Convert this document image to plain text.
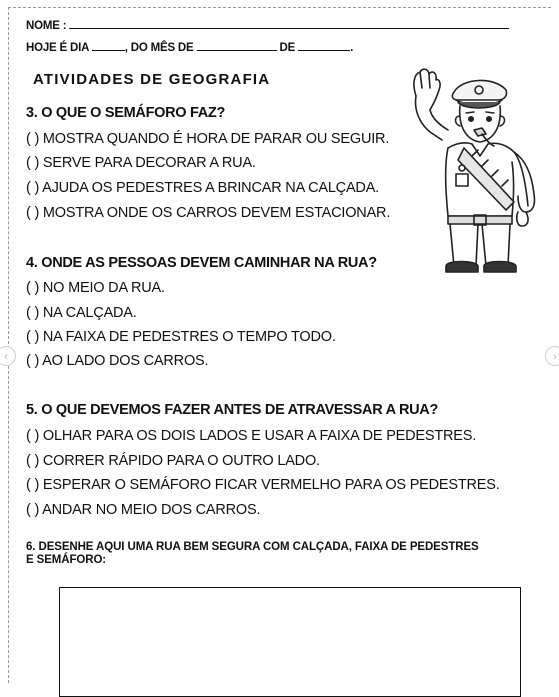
NOME :
HOJE É DIA	, DO MÊS DE	DE	.
ATIVIDADES DE GEOGRAFIA
3. O QUE O SEMÁFORO FAZ?
( ) MOSTRA QUANDO É HORA DE PARAR OU SEGUIR.
( ) SERVE PARA DECORAR A RUA.
( ) AJUDA OS PEDESTRES A BRINCAR NA CALÇADA.
( ) MOSTRA ONDE OS CARROS DEVEM ESTACIONAR.
4. ONDE AS PESSOAS DEVEM CAMINHAR NA RUA?
( ) NO MEIO DA RUA.
( ) NA CALÇADA.
( ) NA FAIXA DE PEDESTRES O TEMPO TODO.
( ) AO LADO DOS CARROS.
5. O QUE DEVEMOS FAZER ANTES DE ATRAVESSAR A RUA?
( ) OLHAR PARA OS DOIS LADOS E USAR A FAIXA DE PEDESTRES.
( ) CORRER RÁPIDO PARA O OUTRO LADO.
( ) ESPERAR O SEMÁFORO FICAR VERMELHO PARA OS PEDESTRES.
( ) ANDAR NO MEIO DOS CARROS.
6. DESENHE AQUI UMA RUA BEM SEGURA COM CALÇADA, FAIXA DE PEDESTRES
E SEMÁFORO:
‹	›
